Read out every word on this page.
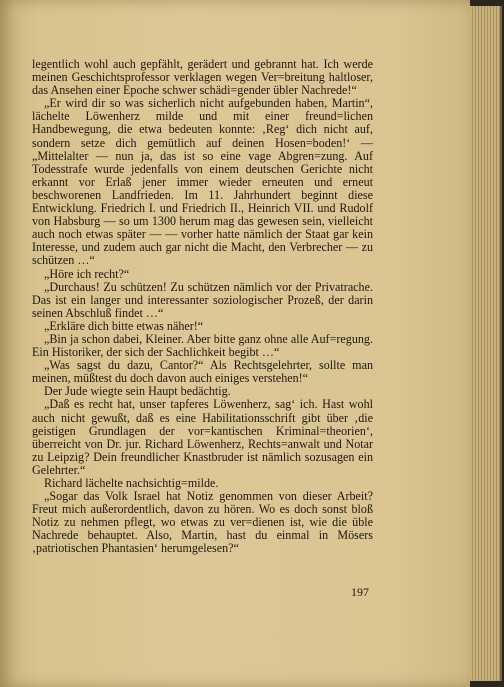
legentlich wohl auch gepfählt, gerädert und gebrannt hat. Ich werde meinen Geschichtsprofessor verklagen wegen Ver=breitung haltloser, das Ansehen einer Epoche schwer schädi=gender übler Nachrede!“

„Er wird dir so was sicherlich nicht aufgebunden haben, Martin“, lächelte Löwenherz milde und mit einer freund=lichen Handbewegung, die etwa bedeuten konnte: ‚Reg‘ dich nicht auf, sondern setze dich gemütlich auf deinen Hosen=boden!‘ — „Mittelalter — nun ja, das ist so eine vage Abgren=zung. Auf Todesstrafe wurde jedenfalls von einem deutschen Gerichte nicht erkannt vor Erlaß jener immer wieder erneuten und erneut beschworenen Landfrieden. Im 11. Jahrhundert beginnt diese Entwicklung. Friedrich I. und Friedrich II., Heinrich VII. und Rudolf von Habsburg — so um 1300 herum mag das gewesen sein, vielleicht auch noch etwas später — — vorher hatte nämlich der Staat gar kein Interesse, und zudem auch gar nicht die Macht, den Verbrecher — zu schützen …“

„Höre ich recht?“

„Durchaus! Zu schützen! Zu schützen nämlich vor der Privatrache. Das ist ein langer und interessanter soziologischer Prozeß, der darin seinen Abschluß findet …“

„Erkläre dich bitte etwas näher!“

„Bin ja schon dabei, Kleiner. Aber bitte ganz ohne alle Auf=regung. Ein Historiker, der sich der Sachlichkeit begibt …“

„Was sagst du dazu, Cantor?“ Als Rechtsgelehrter, sollte man meinen, müßtest du doch davon auch einiges verstehen!“

Der Jude wiegte sein Haupt bedächtig.

„Daß es recht hat, unser tapferes Löwenherz, sag‘ ich. Hast wohl auch nicht gewußt, daß es eine Habilitationsschrift gibt über ‚die geistigen Grundlagen der vor=kantischen Kriminal=theorien‘, überreicht von Dr. jur. Richard Löwenherz, Rechts=anwalt und Notar zu Leipzig? Dein freundlicher Knastbruder ist nämlich sozusagen ein Gelehrter.“

Richard lächelte nachsichtig=milde.

„Sogar das Volk Israel hat Notiz genommen von dieser Arbeit? Freut mich außerordentlich, davon zu hören. Wo es doch sonst bloß Notiz zu nehmen pflegt, wo etwas zu ver=dienen ist, wie die üble Nachrede behauptet. Also, Martin, hast du einmal in Mösers ‚patriotischen Phantasien‘ herumgelesen?“

197
